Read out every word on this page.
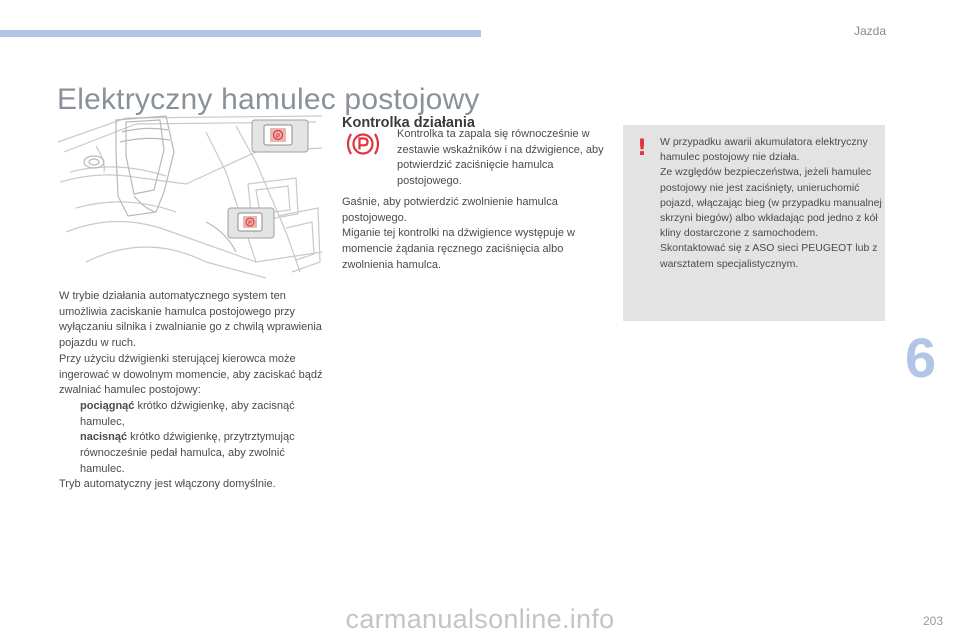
Jazda
Elektryczny hamulec postojowy
P
P

W trybie działania automatycznego system ten umożliwia zaciskanie hamulca postojowego przy wyłączaniu silnika i zwalnianie go z chwilą wprawienia pojazdu w ruch.

Przy użyciu dźwigienki sterującej kierowca może ingerować w dowolnym momencie, aby zaciskać bądź zwalniać hamulec postojowy:

pociągnąć krótko dźwigienkę, aby zacisnąć hamulec,

nacisnąć krótko dźwigienkę, przytrztymując równocześnie pedał hamulca, aby zwolnić hamulec.

Tryb automatyczny jest włączony domyślnie.

Kontrolka działania

Kontrolka ta zapala się równocześnie w zestawie wskaźników i na dźwigience, aby potwierdzić zaciśnięcie hamulca postojowego.

Gaśnie, aby potwierdzić zwolnienie hamulca postojowego.
Miganie tej kontrolki na dźwigience występuje w momencie żądania ręcznego zaciśnięcia albo zwolnienia hamulca.
! W przypadku awarii akumulatora elektryczny hamulec postojowy nie działa.
Ze względów bezpieczeństwa, jeżeli hamulec postojowy nie jest zaciśnięty, unieruchomić pojazd, włączając bieg (w przypadku manualnej skrzyni biegów) albo wkładając pod jedno z kół kliny dostarczone z samochodem.
Skontaktować się z ASO sieci PEUGEOT lub z warsztatem specjalistycznym.
6
203
carmanualsonline.info
